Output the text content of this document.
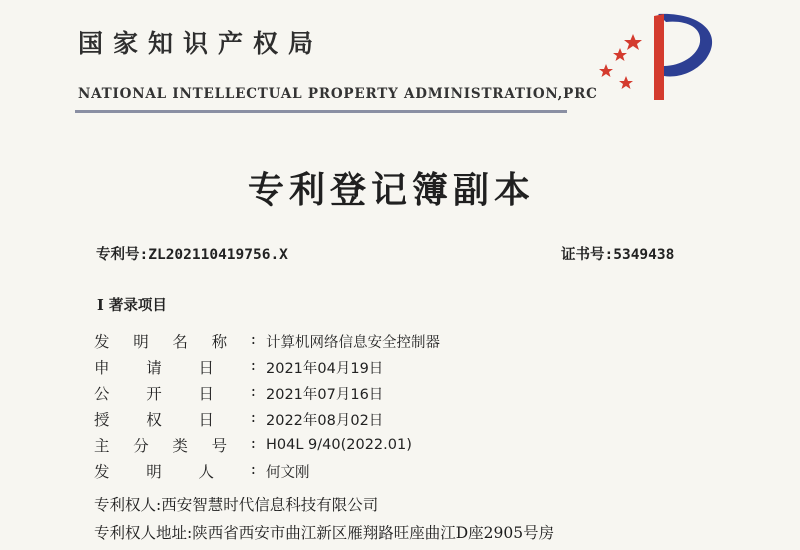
国家知识产权局
NATIONAL INTELLECTUAL PROPERTY ADMINISTRATION,PRC
专利登记簿副本
专利号:ZL202110419756.X	证书号:5349438
I 著录项目
发 明 名 称 : 计算机网络信息安全控制器
申 请 日 : 2021年04月19日
公 开 日 : 2021年07月16日
授 权 日 : 2022年08月02日
主 分 类 号 : H04L 9/40(2022.01)
发 明 人 : 何文刚
专利权人:西安智慧时代信息科技有限公司
专利权人地址:陕西省西安市曲江新区雁翔路旺座曲江D座2905号房
